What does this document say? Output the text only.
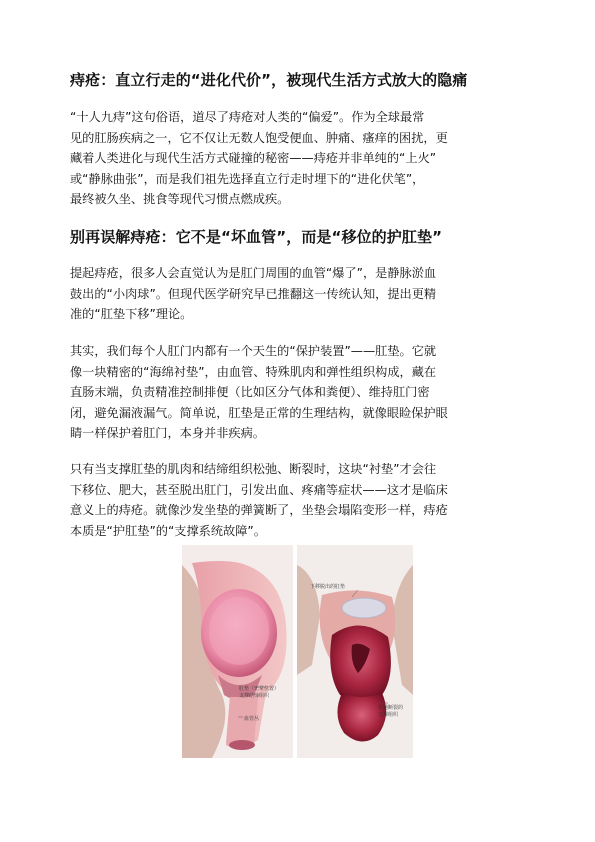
痔疮：直立行走的“进化代价”，被现代生活方式放大的隐痛

“十人九痔”这句俗语，道尽了痔疮对人类的“偏爱”。作为全球最常
见的肛肠疾病之一，它不仅让无数人饱受便血、肿痛、瘙痒的困扰，更
藏着人类进化与现代生活方式碰撞的秘密——痔疮并非单纯的“上火”
或“静脉曲张”，而是我们祖先选择直立行走时埋下的“进化伏笔”，
最终被久坐、挑食等现代习惯点燃成疾。

别再误解痔疮：它不是“坏血管”，而是“移位的护肛垫”

提起痔疮，很多人会直觉认为是肛门周围的血管“爆了”，是静脉淤血
鼓出的“小肉球”。但现代医学研究早已推翻这一传统认知，提出更精
准的“肛垫下移”理论。

其实，我们每个人肛门内都有一个天生的“保护装置”——肛垫。它就
像一块精密的“海绵衬垫”，由血管、特殊肌肉和弹性组织构成，藏在
直肠末端，负责精准控制排便（比如区分气体和粪便）、维持肛门密
闭，避免漏液漏气。简单说，肛垫是正常的生理结构，就像眼睑保护眼
睛一样保护着肛门，本身并非疾病。

只有当支撑肛垫的肌肉和结缔组织松弛、断裂时，这块“衬垫”才会往
下移位、肥大，甚至脱出肛门，引发出血、疼痛等症状——这才是临床
意义上的痔疮。就像沙发坐垫的弹簧断了，坐垫会塌陷变形一样，痔疮
本质是“护肛垫”的“支撑系统故障”。

肛垫（正常位置）
支撑结缔组织
血管丛
下移脱出的肛垫
松弛断裂的
支撑组织
